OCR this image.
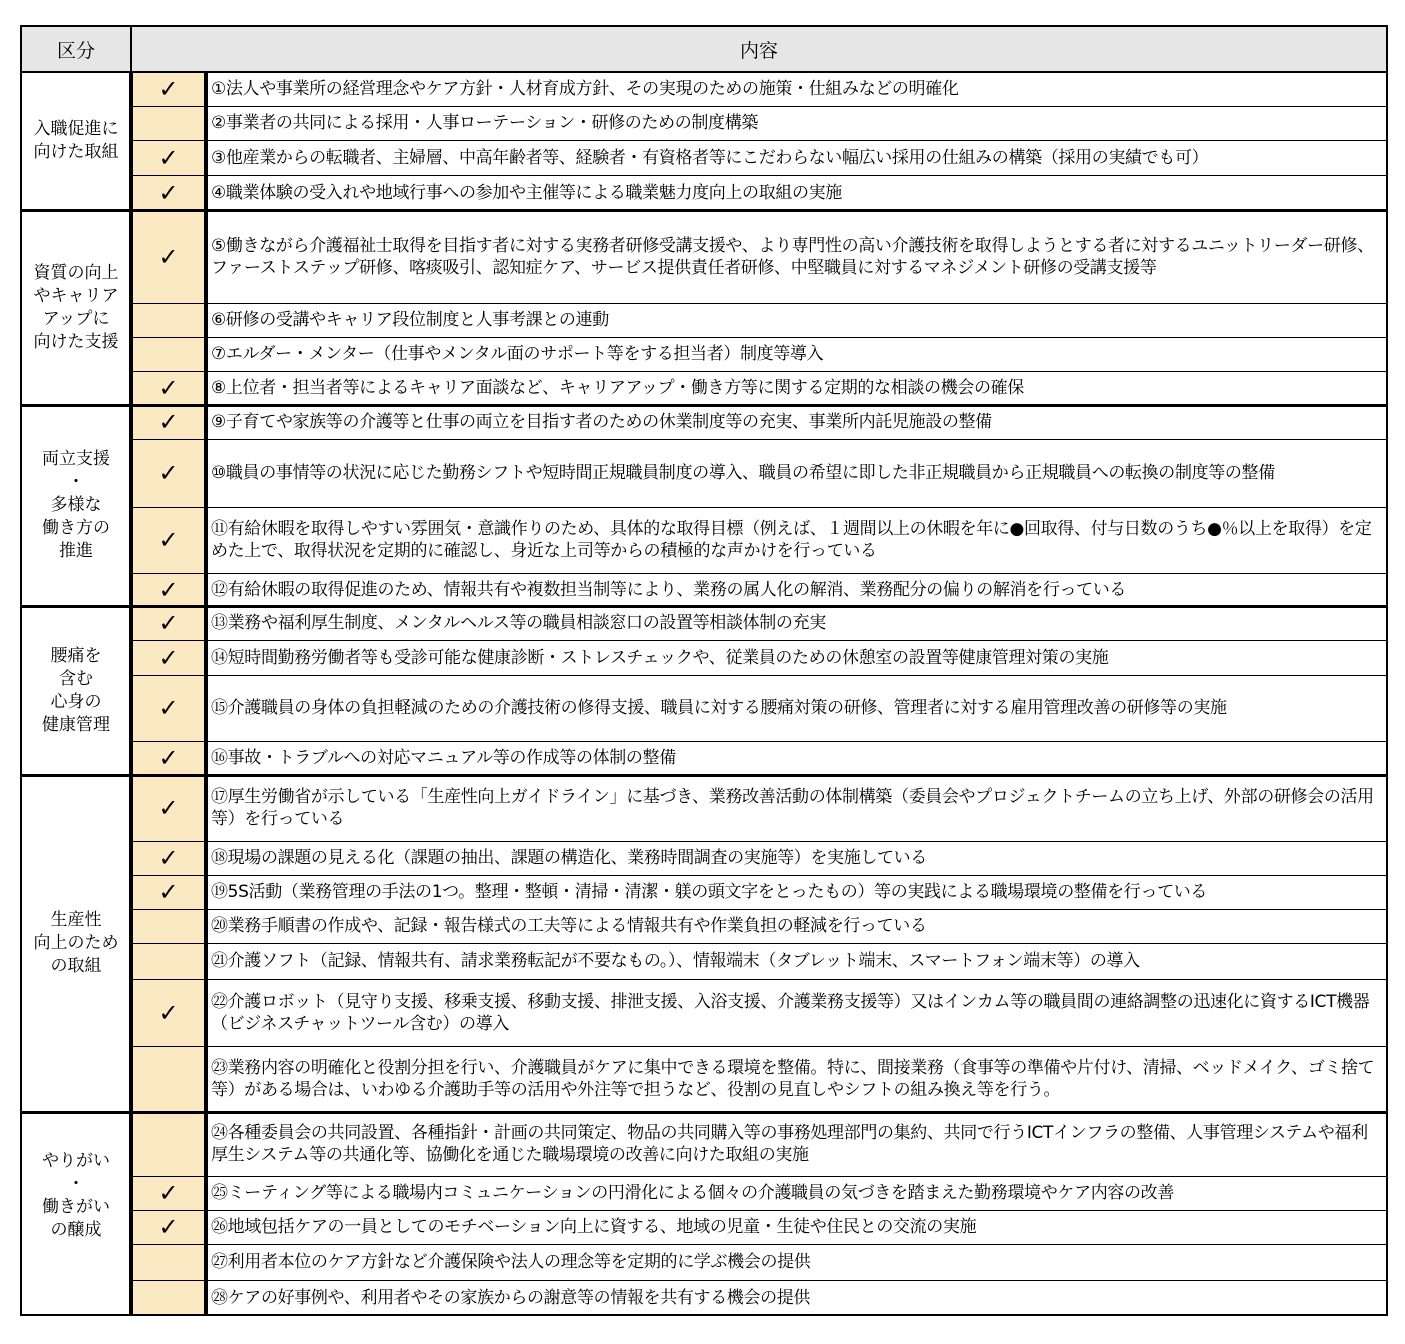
区分	内容
✓ ①法人や事業所の経営理念やケア方針・人材育成方針、その実現のための施策・仕組みなどの明確化
②事業者の共同による採用・人事ローテーション・研修のための制度構築
✓ ③他産業からの転職者、主婦層、中高年齢者等、経験者・有資格者等にこだわらない幅広い採用の仕組みの構築（採用の実績でも可）
✓ ④職業体験の受入れや地域行事への参加や主催等による職業魅力度向上の取組の実施
✓ ⑤働きながら介護福祉士取得を目指す者に対する実務者研修受講支援や、より専門性の高い介護技術を取得しようとする者に対するユニットリーダー研修、ファーストステップ研修、喀痰吸引、認知症ケア、サービス提供責任者研修、中堅職員に対するマネジメント研修の受講支援等
⑥研修の受講やキャリア段位制度と人事考課との連動
⑦エルダー・メンター（仕事やメンタル面のサポート等をする担当者）制度等導入
✓ ⑧上位者・担当者等によるキャリア面談など、キャリアアップ・働き方等に関する定期的な相談の機会の確保
✓ ⑨子育てや家族等の介護等と仕事の両立を目指す者のための休業制度等の充実、事業所内託児施設の整備
✓ ⑩職員の事情等の状況に応じた勤務シフトや短時間正規職員制度の導入、職員の希望に即した非正規職員から正規職員への転換の制度等の整備
✓ ⑪有給休暇を取得しやすい雰囲気・意識作りのため、具体的な取得目標（例えば、１週間以上の休暇を年に●回取得、付与日数のうち●％以上を取得）を定めた上で、取得状況を定期的に確認し、身近な上司等からの積極的な声かけを行っている
✓ ⑫有給休暇の取得促進のため、情報共有や複数担当制等により、業務の属人化の解消、業務配分の偏りの解消を行っている
✓ ⑬業務や福利厚生制度、メンタルヘルス等の職員相談窓口の設置等相談体制の充実
✓ ⑭短時間勤務労働者等も受診可能な健康診断・ストレスチェックや、従業員のための休憩室の設置等健康管理対策の実施
✓ ⑮介護職員の身体の負担軽減のための介護技術の修得支援、職員に対する腰痛対策の研修、管理者に対する雇用管理改善の研修等の実施
✓ ⑯事故・トラブルへの対応マニュアル等の作成等の体制の整備
✓ ⑰厚生労働省が示している「生産性向上ガイドライン」に基づき、業務改善活動の体制構築（委員会やプロジェクトチームの立ち上げ、外部の研修会の活用等）を行っている
✓ ⑱現場の課題の見える化（課題の抽出、課題の構造化、業務時間調査の実施等）を実施している
✓ ⑲5S活動（業務管理の手法の1つ。整理・整頓・清掃・清潔・躾の頭文字をとったもの）等の実践による職場環境の整備を行っている
⑳業務手順書の作成や、記録・報告様式の工夫等による情報共有や作業負担の軽減を行っている
㉑介護ソフト（記録、情報共有、請求業務転記が不要なもの。）、情報端末（タブレット端末、スマートフォン端末等）の導入
✓ ㉒介護ロボット（見守り支援、移乗支援、移動支援、排泄支援、入浴支援、介護業務支援等）又はインカム等の職員間の連絡調整の迅速化に資するICT機器（ビジネスチャットツール含む）の導入
㉓業務内容の明確化と役割分担を行い、介護職員がケアに集中できる環境を整備。特に、間接業務（食事等の準備や片付け、清掃、ベッドメイク、ゴミ捨て等）がある場合は、いわゆる介護助手等の活用や外注等で担うなど、役割の見直しやシフトの組み換え等を行う。
㉔各種委員会の共同設置、各種指針・計画の共同策定、物品の共同購入等の事務処理部門の集約、共同で行うICTインフラの整備、人事管理システムや福利厚生システム等の共通化等、協働化を通じた職場環境の改善に向けた取組の実施
✓ ㉕ミーティング等による職場内コミュニケーションの円滑化による個々の介護職員の気づきを踏まえた勤務環境やケア内容の改善
✓ ㉖地域包括ケアの一員としてのモチベーション向上に資する、地域の児童・生徒や住民との交流の実施
㉗利用者本位のケア方針など介護保険や法人の理念等を定期的に学ぶ機会の提供
㉘ケアの好事例や、利用者やその家族からの謝意等の情報を共有する機会の提供
入職促進に
向けた取組
資質の向上
やキャリア
アップに
向けた支援
両立支援
・
多様な
働き方の
推進
腰痛を
含む
心身の
健康管理
生産性
向上のため
の取組
やりがい
・
働きがい
の醸成
